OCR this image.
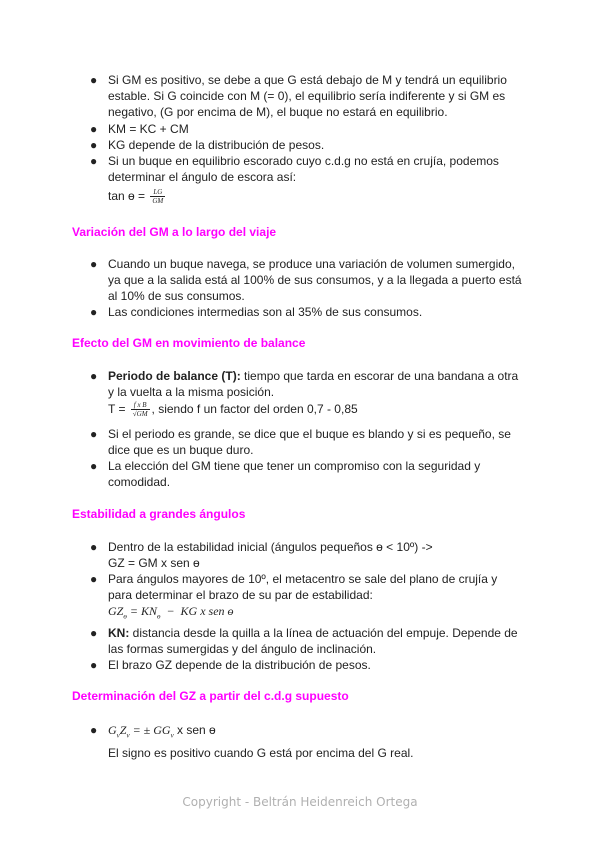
● Si GM es positivo, se debe a que G está debajo de M y tendrá un equilibrio
estable. Si G coincide con M (= 0), el equilibrio sería indiferente y si GM es
negativo, (G por encima de M), el buque no estará en equilibrio.
● KM = KC + CM
● KG depende de la distribución de pesos.
● Si un buque en equilibrio escorado cuyo c.d.g no está en crujía, podemos
determinar el ángulo de escora así:
tan ɵ = $\frac{LG}{GM}$
Variación del GM a lo largo del viaje
● Cuando un buque navega, se produce una variación de volumen sumergido,
ya que a la salida está al 100% de sus consumos, y a la llegada a puerto está
al 10% de sus consumos.
● Las condiciones intermedias son al 35% de sus consumos.
Efecto del GM en movimiento de balance
● Periodo de balance (T): tiempo que tarda en escorar de una bandana a otra
y la vuelta a la misma posición.
$T = \frac{\text{f x B}}{√GM}$ , siendo f un factor del orden 0,7 - 0,85
● Si el periodo es grande, se dice que el buque es blando y si es pequeño, se
dice que es un buque duro.
● La elección del GM tiene que tener un compromiso con la seguridad y
comodidad.
Estabilidad a grandes ángulos
● Dentro de la estabilidad inicial (ángulos pequeños ɵ < 10º) ->
GZ = GM x sen ɵ
● Para ángulos mayores de 10º, el metacentro se sale del plano de crujía y
para determinar el brazo de su par de estabilidad:
$GZ_ɵ = KN_ɵ$  −  KG x sen ɵ
● KN: distancia desde la quilla a la línea de actuación del empuje. Depende de
las formas sumergidas y del ángulo de inclinación.
● El brazo GZ depende de la distribución de pesos.
Determinación del GZ a partir del c.d.g supuesto
● $G_vZ_v$ = ± $GG_v$ x sen ɵ
El signo es positivo cuando G está por encima del G real.
Copyright - Beltrán Heidenreich Ortega
